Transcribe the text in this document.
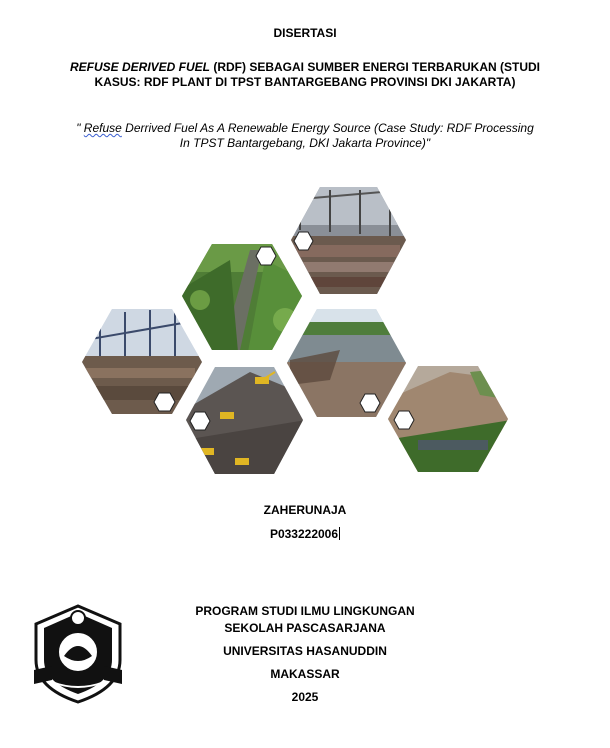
DISERTASI
REFUSE DERIVED FUEL (RDF) SEBAGAI SUMBER ENERGI TERBARUKAN (STUDI KASUS: RDF PLANT DI TPST BANTARGEBANG PROVINSI DKI JAKARTA)
" Refuse Derrived Fuel As A Renewable Energy Source (Case Study: RDF Processing In TPST Bantargebang, DKI Jakarta Province)"
ZAHERUNAJA
P033222006
PROGRAM STUDI ILMU LINGKUNGAN
SEKOLAH PASCASARJANA
UNIVERSITAS HASANUDDIN
MAKASSAR
2025
